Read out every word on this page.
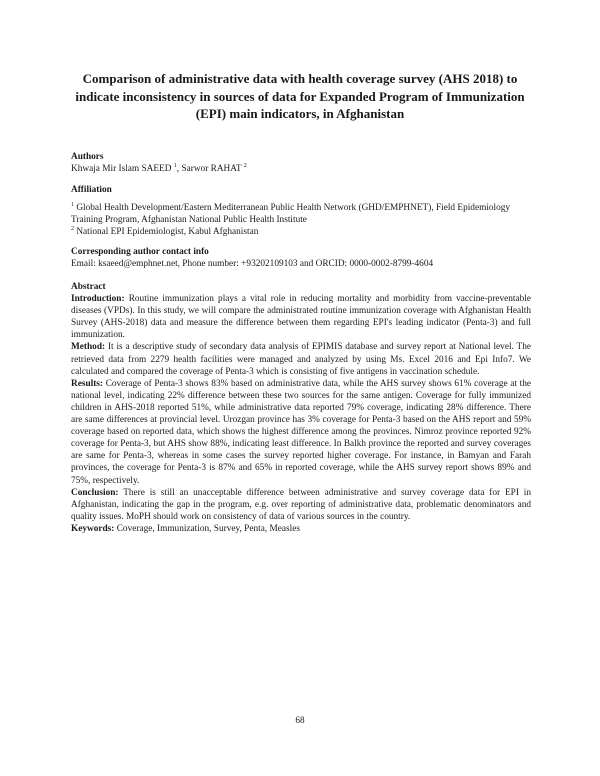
Comparison of administrative data with health coverage survey (AHS 2018) to indicate inconsistency in sources of data for Expanded Program of Immunization (EPI) main indicators, in Afghanistan
Authors
Khwaja Mir Islam SAEED $^1$, Sarwor RAHAT $^2$
Affiliation
$^1$ Global Health Development/Eastern Mediterranean Public Health Network (GHD/EMPHNET), Field Epidemiology Training Program, Afghanistan National Public Health Institute
$^2$ National EPI Epidemiologist, Kabul Afghanistan
Corresponding author contact info
Email: ksaeed@emphnet.net, Phone number: +93202109103 and ORCID: 0000-0002-8799-4604
Abstract

Introduction: Routine immunization plays a vital role in reducing mortality and morbidity from vaccine-preventable diseases (VPDs). In this study, we will compare the administrated routine immunization coverage with Afghanistan Health Survey (AHS-2018) data and measure the difference between them regarding EPI's leading indicator (Penta-3) and full immunization.

Method: It is a descriptive study of secondary data analysis of EPIMIS database and survey report at National level. The retrieved data from 2279 health facilities were managed and analyzed by using Ms. Excel 2016 and Epi Info7. We calculated and compared the coverage of Penta-3 which is consisting of five antigens in vaccination schedule.

Results: Coverage of Penta-3 shows 83% based on administrative data, while the AHS survey shows 61% coverage at the national level, indicating 22% difference between these two sources for the same antigen. Coverage for fully immunized children in AHS-2018 reported 51%, while administrative data reported 79% coverage, indicating 28% difference. There are same differences at provincial level. Urozgan province has 3% coverage for Penta-3 based on the AHS report and 59% coverage based on reported data, which shows the highest difference among the provinces. Nimroz province reported 92% coverage for Penta-3, but AHS show 88%, indicating least difference. In Balkh province the reported and survey coverages are same for Penta-3, whereas in some cases the survey reported higher coverage. For instance, in Bamyan and Farah provinces, the coverage for Penta-3 is 87% and 65% in reported coverage, while the AHS survey report shows 89% and 75%, respectively.

Conclusion: There is still an unacceptable difference between administrative and survey coverage data for EPI in Afghanistan, indicating the gap in the program, e.g. over reporting of administrative data, problematic denominators and quality issues. MoPH should work on consistency of data of various sources in the country.

Keywords: Coverage, Immunization, Survey, Penta, Measles

68
